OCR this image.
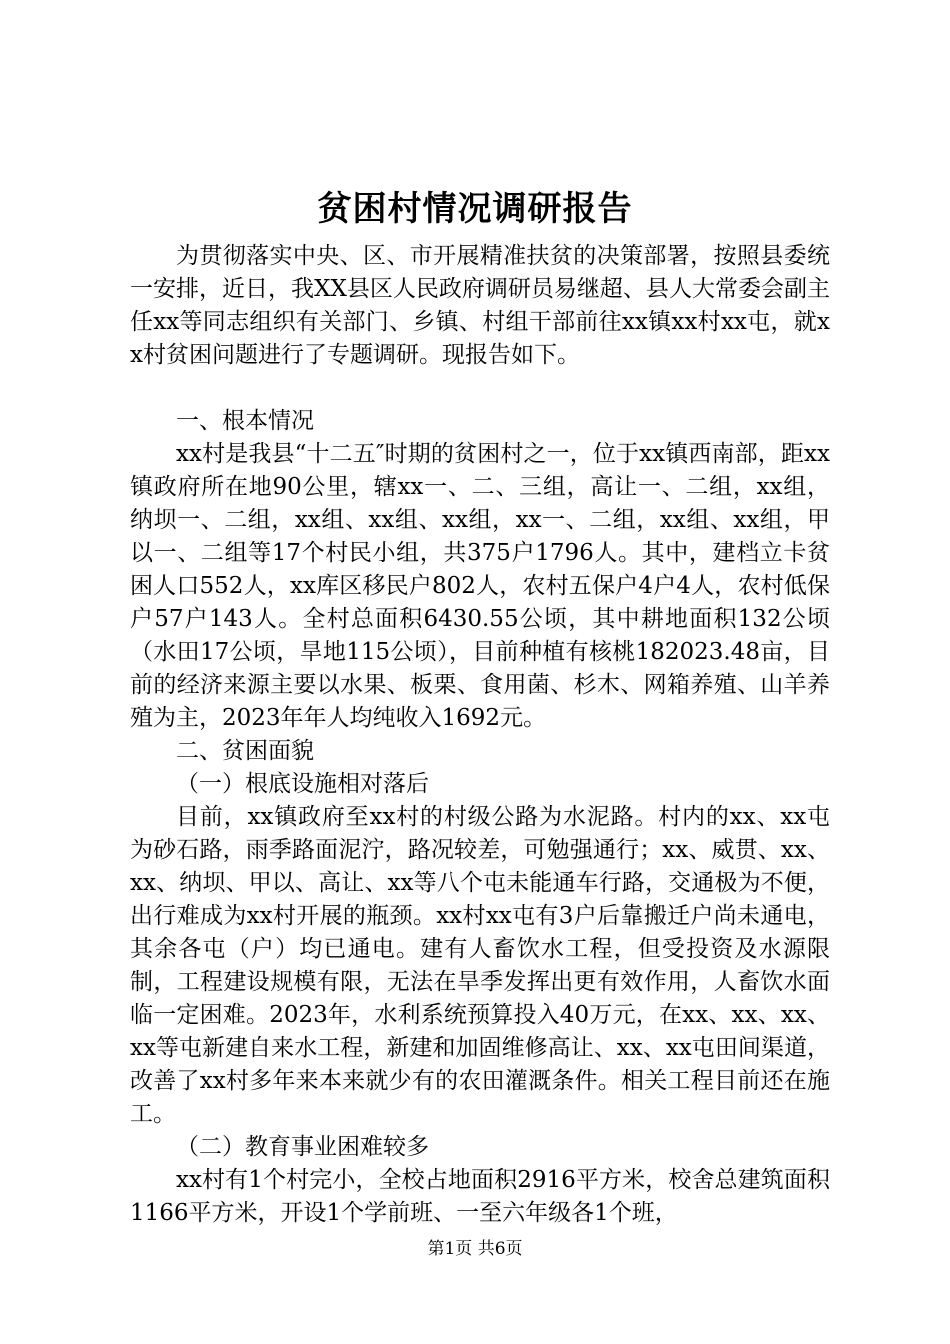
贫困村情况调研报告

为贯彻落实中央、区、市开展精准扶贫的决策部署，按照县委统一安排，近日，我XX县区人民政府调研员易继超、县人大常委会副主任xx等同志组织有关部门、乡镇、村组干部前往xx镇xx村xx屯，就xx村贫困问题进行了专题调研。现报告如下。

一、根本情况

xx村是我县“十二五″时期的贫困村之一，位于xx镇西南部，距xx镇政府所在地90公里，辖xx一、二、三组，高让一、二组，xx组，纳坝一、二组，xx组、xx组、xx组，xx一、二组，xx组、xx组，甲以一、二组等17个村民小组，共375户1796人。其中，建档立卡贫困人口552人，xx库区移民户802人，农村五保户4户4人，农村低保户57户143人。全村总面积6430.55公顷，其中耕地面积132公顷（水田17公顷，旱地115公顷），目前种植有核桃182023.48亩，目前的经济来源主要以水果、板栗、食用菌、杉木、网箱养殖、山羊养殖为主，2023年年人均纯收入1692元。

二、贫困面貌

（一）根底设施相对落后

目前，xx镇政府至xx村的村级公路为水泥路。村内的xx、xx屯为砂石路，雨季路面泥泞，路况较差，可勉强通行；xx、威贯、xx、xx、纳坝、甲以、高让、xx等八个屯未能通车行路，交通极为不便，出行难成为xx村开展的瓶颈。xx村xx屯有3户后靠搬迁户尚未通电，其余各屯（户）均已通电。建有人畜饮水工程，但受投资及水源限制，工程建设规模有限，无法在旱季发挥出更有效作用，人畜饮水面临一定困难。2023年，水利系统预算投入40万元，在xx、xx、xx、xx等屯新建自来水工程，新建和加固维修高让、xx、xx屯田间渠道，改善了xx村多年来本来就少有的农田灌溉条件。相关工程目前还在施工。

（二）教育事业困难较多

xx村有1个村完小，全校占地面积2916平方米，校舍总建筑面积1166平方米，开设1个学前班、一至六年级各1个班，

第1页 共6页
